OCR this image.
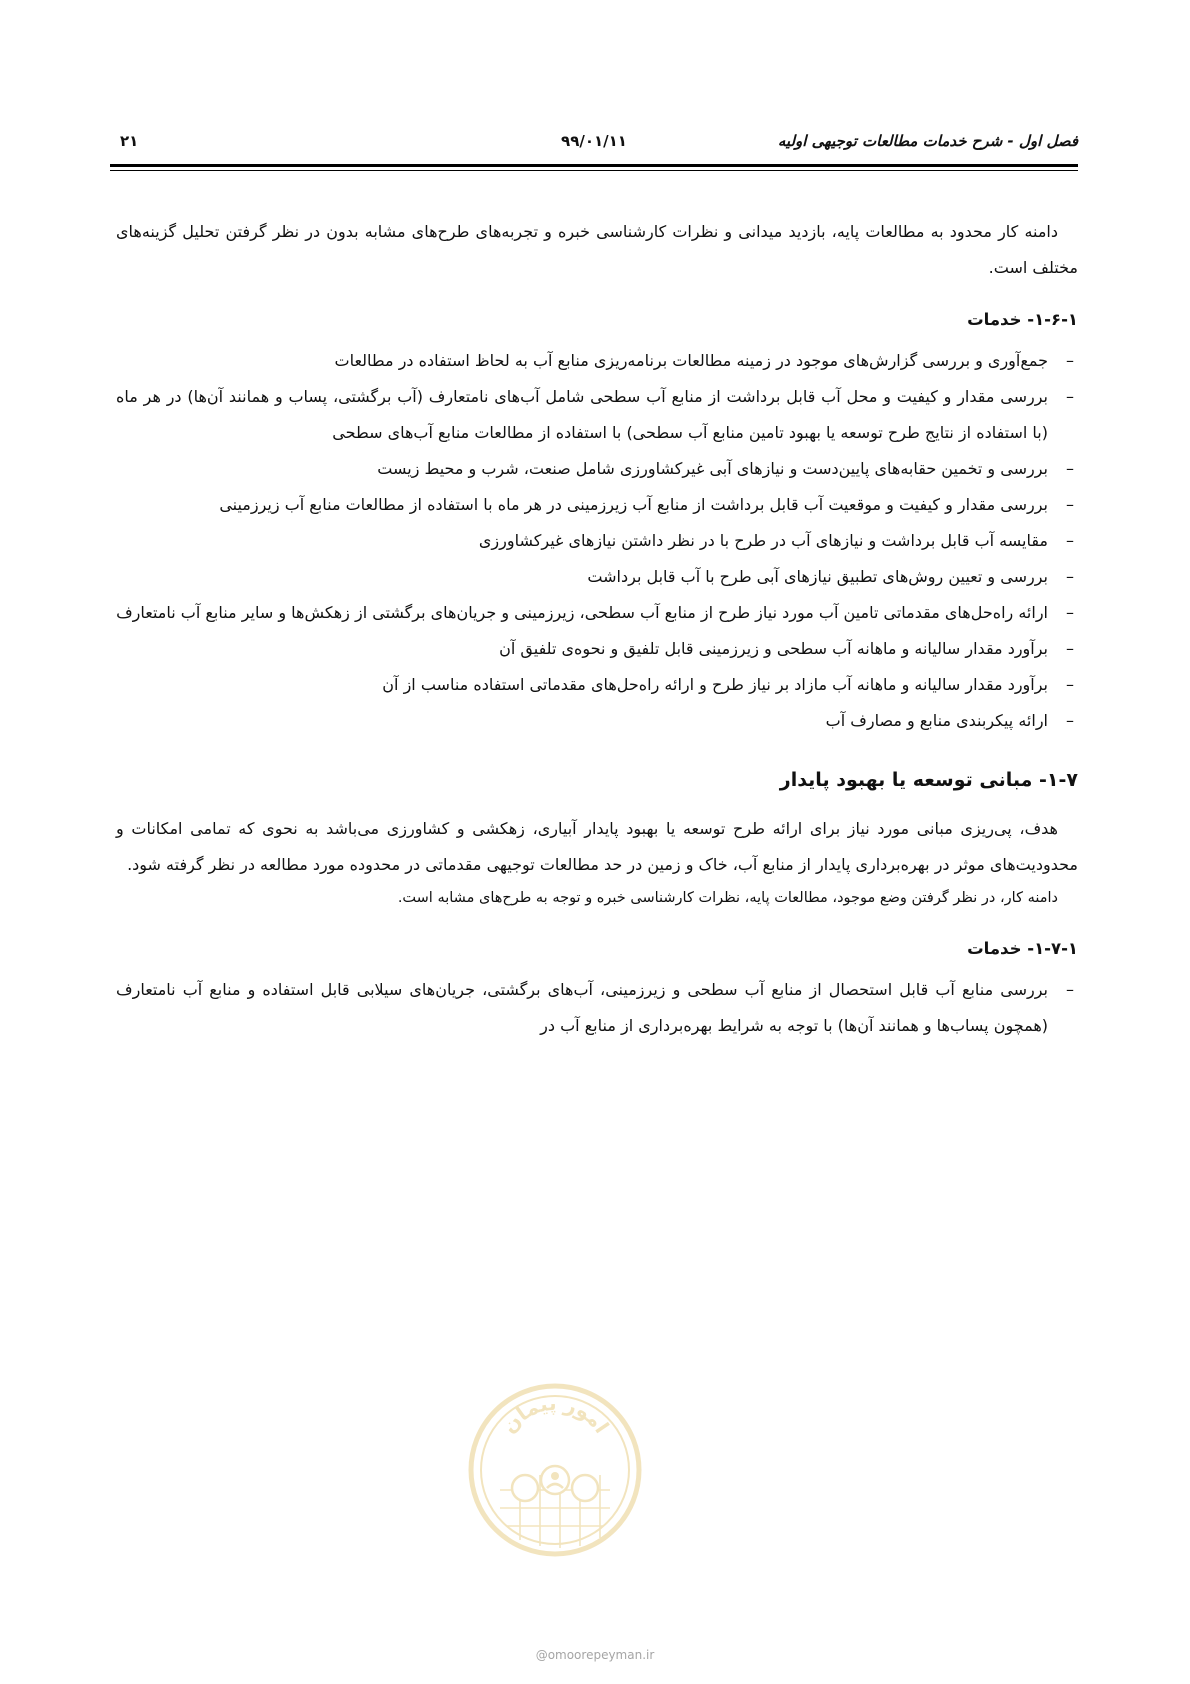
فصل اول - شرح خدمات مطالعات توجیهی اولیه
۹۹/۰۱/۱۱
۲۱

دامنه کار محدود به مطالعات پایه، بازدید میدانی و نظرات کارشناسی خبره و تجربه‌های طرح‌های مشابه بدون در نظر گرفتن تحلیل گزینه‌های مختلف است.

۱-۶-۱- خدمات
–
جمع‌آوری و بررسی گزارش‌های موجود در زمینه مطالعات برنامه‌ریزی منابع آب به لحاظ استفاده در مطالعات
–
بررسی مقدار و کیفیت و محل آب قابل برداشت از منابع آب سطحی شامل آب‌های نامتعارف (آب برگشتی، پساب و همانند آن‌ها) در هر ماه (با استفاده از نتایج طرح توسعه یا بهبود تامین منابع آب سطحی) با استفاده از مطالعات منابع آب‌های سطحی
–
بررسی و تخمین حقابه‌های پایین‌دست و نیازهای آبی غیرکشاورزی شامل صنعت، شرب و محیط زیست
–
بررسی مقدار و کیفیت و موقعیت آب قابل برداشت از منابع آب زیرزمینی در هر ماه با استفاده از مطالعات منابع آب زیرزمینی
–
مقایسه آب قابل برداشت و نیازهای آب در طرح با در نظر داشتن نیازهای غیرکشاورزی
–
بررسی و تعیین روش‌های تطبیق نیازهای آبی طرح با آب قابل برداشت
–
ارائه راه‌حل‌های مقدماتی تامین آب مورد نیاز طرح از منابع آب سطحی، زیرزمینی و جریان‌های برگشتی از زهکش‌ها و سایر منابع آب نامتعارف
–
برآورد مقدار سالیانه و ماهانه آب سطحی و زیرزمینی قابل تلفیق و نحوه‌ی تلفیق آن
–
برآورد مقدار سالیانه و ماهانه آب مازاد بر نیاز طرح و ارائه راه‌حل‌های مقدماتی استفاده مناسب از آن
–
ارائه پیکربندی منابع و مصارف آب
۱-۷- مبانی توسعه یا بهبود پایدار

هدف، پی‌ریزی مبانی مورد نیاز برای ارائه طرح توسعه یا بهبود پایدار آبیاری، زهکشی و کشاورزی می‌باشد به نحوی که تمامی امکانات و محدودیت‌های موثر در بهره‌برداری پایدار از منابع آب، خاک و زمین در حد مطالعات توجیهی مقدماتی در محدوده مورد مطالعه در نظر گرفته شود.

دامنه کار، در نظر گرفتن وضع موجود، مطالعات پایه، نظرات کارشناسی خبره و توجه به طرح‌های مشابه است.

۱-۷-۱- خدمات
–
بررسی منابع آب قابل استحصال از منابع آب سطحی و زیرزمینی، آب‌های برگشتی، جریان‌های سیلابی قابل استفاده و منابع آب نامتعارف (همچون پساب‌ها و همانند آن‌ها) با توجه به شرایط بهره‌برداری از منابع آب در
امور پیمان
@omoorepeyman.ir
